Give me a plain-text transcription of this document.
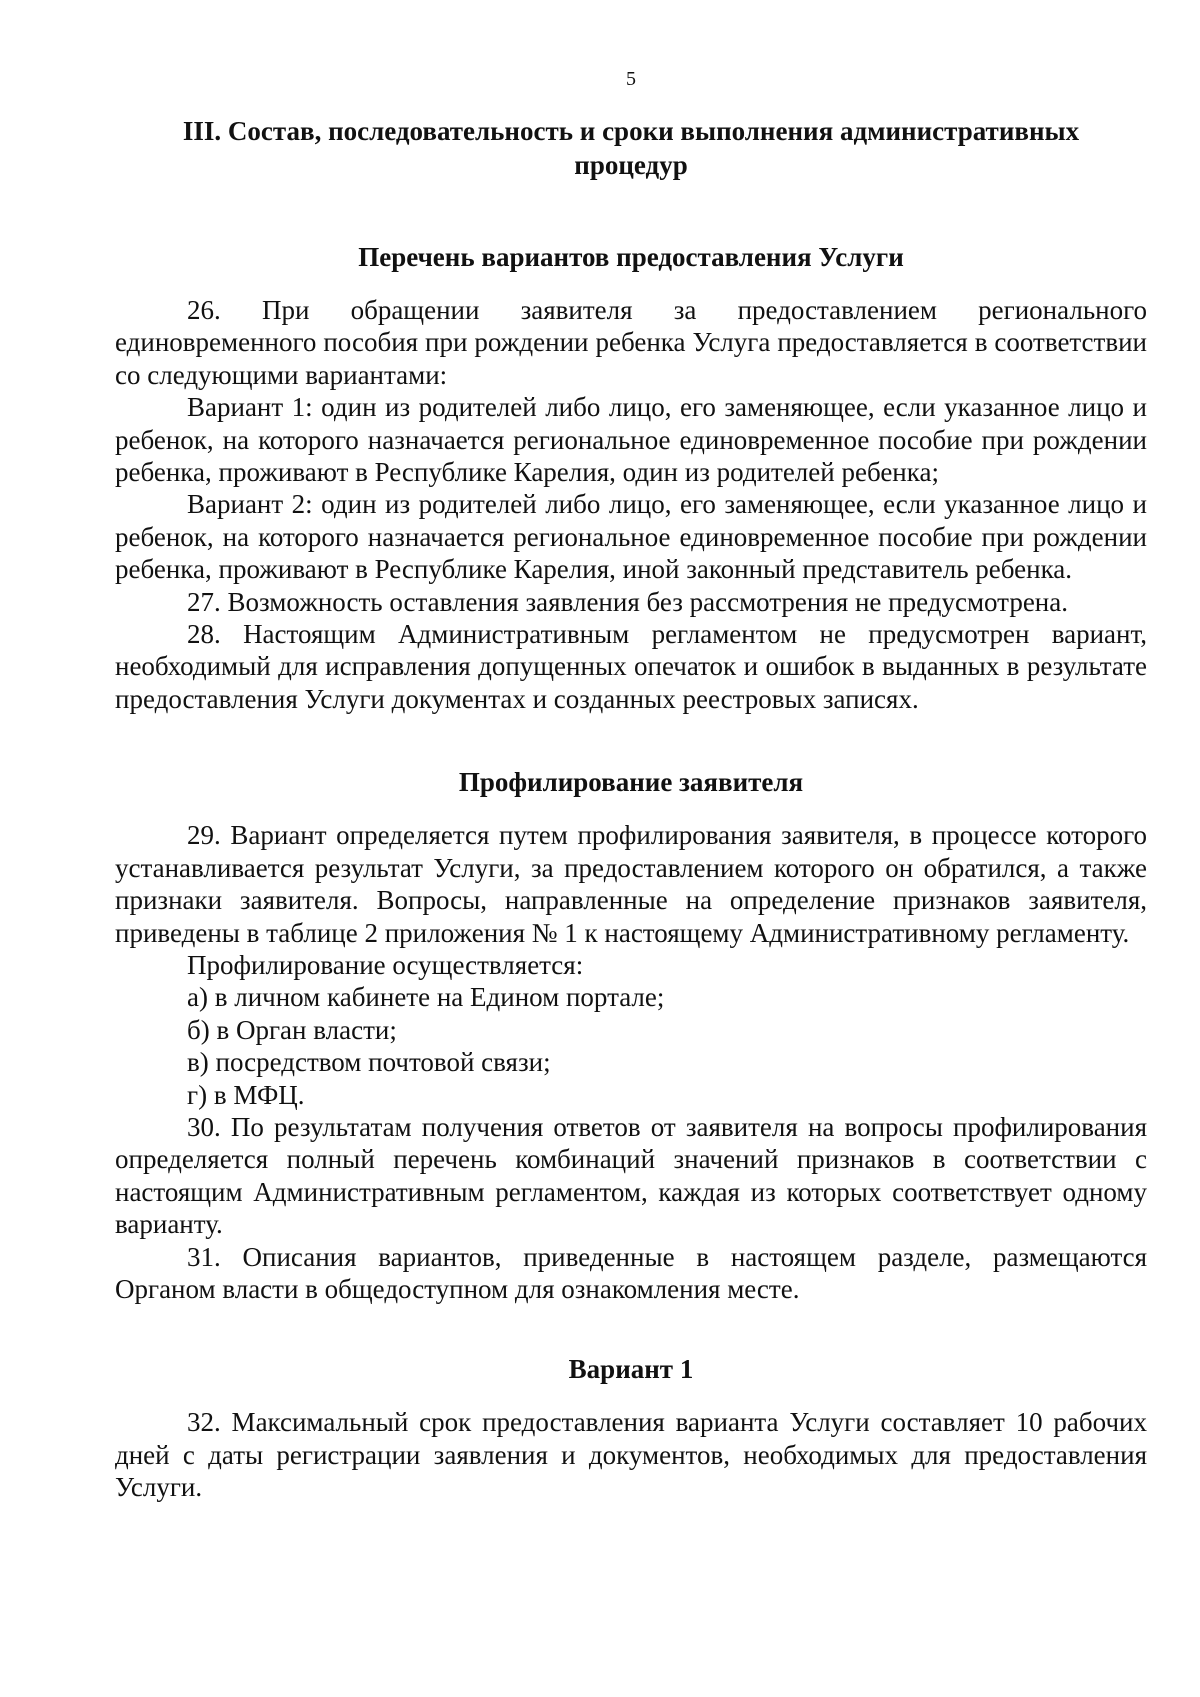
5
III. Состав, последовательность и сроки выполнения административных
процедур
Перечень вариантов предоставления Услуги

26. При обращении заявителя за предоставлением регионального единовременного пособия при рождении ребенка Услуга предоставляется в соответствии со следующими вариантами:

Вариант 1: один из родителей либо лицо, его заменяющее, если указанное лицо и ребенок, на которого назначается региональное единовременное пособие при рождении ребенка, проживают в Республике Карелия, один из родителей ребенка;

Вариант 2: один из родителей либо лицо, его заменяющее, если указанное лицо и ребенок, на которого назначается региональное единовременное пособие при рождении ребенка, проживают в Республике Карелия, иной законный представитель ребенка.

27. Возможность оставления заявления без рассмотрения не предусмотрена.

28. Настоящим Административным регламентом не предусмотрен вариант, необходимый для исправления допущенных опечаток и ошибок в выданных в результате предоставления Услуги документах и созданных реестровых записях.

Профилирование заявителя

29. Вариант определяется путем профилирования заявителя, в процессе которого устанавливается результат Услуги, за предоставлением которого он обратился, а также признаки заявителя. Вопросы, направленные на определение признаков заявителя, приведены в таблице 2 приложения № 1 к настоящему Административному регламенту.

Профилирование осуществляется:

а) в личном кабинете на Едином портале;

б) в Орган власти;

в) посредством почтовой связи;

г) в МФЦ.

30. По результатам получения ответов от заявителя на вопросы профилирования определяется полный перечень комбинаций значений признаков в соответствии с настоящим Административным регламентом, каждая из которых соответствует одному варианту.

31. Описания вариантов, приведенные в настоящем разделе, размещаются Органом власти в общедоступном для ознакомления месте.

Вариант 1

32. Максимальный срок предоставления варианта Услуги составляет 10 рабочих дней с даты регистрации заявления и документов, необходимых для предоставления Услуги.
